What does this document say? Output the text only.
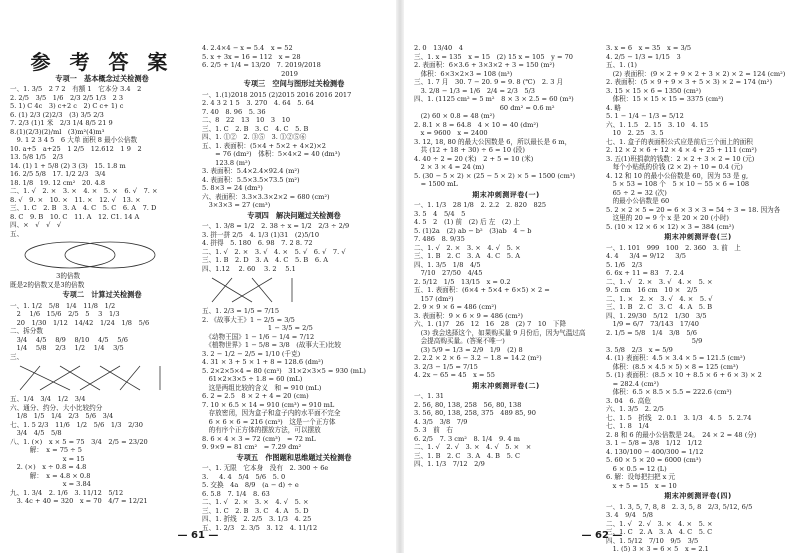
参 考 答 案
专项一　基本概念过关检测卷
一、1. 3/5　2 7 2　有额 1　它本分 3.4　2
2. 2/5　3/5　1/6　2/3 2/5 1/3　2 3
5. 1) C 4c　3) c+2 c　2) C c+ 1) c
6. (1) 2/3 (2)2/3　(3) 3/5 2/3
7. 2/3 (1)1 米　2/3 1/4 8/5 21 9
8.(1)(2/3)(2)/ml　(3)m²(4)m³
　9. 1 2 3 4 5　6 大单 面积 8 最小公倍数
10. a+5　a+25　1 2/5　12.612　1 9　2
13. 5/8 1/5　2/3
14. (1) 1 + 5/8 (2) 3 (3)　15. 1.8 m
16. 2/5 5/8　17. 1/2 2/3　3/4
18. 1/8　19. 12 cm²　20. 4.8
二、1. √　2. ×　3. ×　4. ×　5. ×　6. √　7. ×
8. √　9. ×　10. ×　11. ×　12. √　13. ×
三、1. C　2. B　3. A　4. C　5. C　6. A　7. D
8. C　9. B　10. C　11. A　12. C1. 14 A
四、×　√　√　√
五、
　　　　　　　3的倍数
既是2的倍数又是3的倍数
专项二　计算过关检测卷
一、1. 1/2　5/8　1/4　11/8　1/2
　2 　1/6　15/6　2/5　5 　3　1/3
　20　1/30　1/12　14/42　1/24　1/8　5/6
二、拆分数
　3/4 　4/5 　8/9 　8/10 　4/5 　5/6
　1/4 　5/8 　2/3 　1/2 　1/4 　3/5
三、
五、1/4　3/4　1/2　3/4
六、通分、约分、大小比较约分
　1/8　1/5　1/4　2/3　5/6　3/4
七、1. 5 2/3　11/6　1/2　5/6　1/3　2/30
　3/4　4/5　5/8
八、1. (×)　x × 5 = 75　3/4　2/5 = 23/20
　　　解：　x = 75 ÷ 5
　　　　　　　　x = 15
　2. (×)　x ÷ 0.8 = 4.8
　　　解：　x = 4.8 × 0.8
　　　　　　　　x = 3.84
九、1. 3/4　2. 1/6　3. 11/12　5/12
　3. 4c + 40 = 320　x = 70　4/7 = 12/21
4. 2.4×4 − x = 5.4　x = 52
5. x + 3x = 16 = 112　x = 28
6. 2/5 + 1/4 = 13/20　7. 2019/2018
　　　　　　　　　　　　2019
专项三　空间与图形过关检测卷
一、1.(1)2018 2015 (2)2015 2016 2016 2017
2. 4 3 2 1 5　3. 270　4. 64　5. 64
7. 40　8. 96　5. 36
二、8　22　13　10　3　10
三、1. C　2. B　3. C　4. C　5. B
四、1. ①②　2. ③⑤　3. ①②⑤⑥
五、1. 表面积：(5×4 + 5×2 + 4×2)×2
　　= 76 (dm²)　体积：5×4×2 = 40 (dm³)
　　123.8 (m²)
3. 表面积：5.4×2.4×92.4 (m²)
4. 表面积：5.5×3.5×73.5 (m²)
5. 8×3 = 24 (dm³)
六、表面积：3.3×3.3×2×2 = 680 (cm²)
　3×3×3 = 27 (cm³)
专项四　解决问题过关检测卷
一、1. 3/8 = 1/2　2. 38 ÷ x = 1/2　2/3 ÷ 2/9
3. 拼一拼 2/5　4. 1/3 (1)31　(2)5/10
4. 拼得　5. 180　6. 98　7. 2 8. 72
二、1. √　2. ×　3. √　4. ×　5. √　6. √　7. √
三、1. B　2. D　3. A　4. C　5. B　6. A
四、1.12 　2. 60 　3. 2 　5.1
五、1. 2/3 = 1/5 = 7/15
2. 《故事大王》1 − 2/5 = 3/5
　　　　　　　　　　1 − 3/5 = 2/5
　《动物王国》1 − 1/6 − 1/4 = 7/12
　《植物世界》1 − 5/8 = 3/8　(故事大王)比较
3. 2 − 1/2 − 2/5 = 1/10 (千克)
4. 31 × 3 + 5 × 1 + 8 = 128.6 (dm²)
5. 2×2×5×4 = 80 (cm³)　31×2×3×5 = 930 (mL)
　61×2×3×5 ÷ 1.8 = 60 (mL)
　这是两组比较的含义　和 = 910 (mL)
6. 2 = 2.5　8 × 2 + 4 = 20 (cm)
7. 10 × 6.5 × 14 = 910 (cm³) = 910 mL
　存放密闭，因为盒子和盒子内的水平面不完全
　6 × 6 × 6 = 216 (cm³)　这是一个正方体
　的有序个正方体的摆放方法，可以摆放
8. 6 × 4 × 3 = 72 (cm³)　= 72 mL
9. 9×9 = 81 cm²　= 7.29 dm²
专项五　作图题和思维题过关检测卷
一、1. 无限　它本身　没有　2. 300 ÷ 6e
3. 　 4. 4　5/4　5/6　5. 0
5. 交换　4a　8/9　(a − d) ÷ e
6. 5.8　7. 1/4　8. 63
二、1. √　2. ×　3. ×　4. √　5. ×
三、1. C　2. B　3. C　4. A　5. D
四、1. 折线　2. 2/5　3. 1/3　4. 25
五、1. 2/3　2. 3/5　3. 12　4. 11/12
— 61 —
2. 0　13/40　4
三、1. x = 135　x = 15　(2) 15 x = 105　y = 70
2. 表面积：6×3.6 + 3×3×2 + 3 = 150 (m²)
　体积：6×3×2×3 = 108 (m³)
三、1. 7 月　30. 7 − 20. 9 = 9. 8 (℃)　2. 3 月
　3. 2/8 − 1/3 = 1/6　2/4 = 2/3　5/3
四、1. (1125 cm² = 5 m²　8 × 3 × 2.5 = 60 (m³)
　　　　　　　　　　　　　60 dm² = 0.6 m²
　(2) 60 × 0.8 = 48 (m²)
2. 8.1 × 8 = 64.8　4 × 10 = 40 (dm²)
　x = 9600　x = 2400
3. 12, 18, 80 的最大公因数是 6，所以最长是 6 m，
　共 (12 + 18 + 30) ÷ 6 = 10 (段)
4. 40 ÷ 2 = 20 (米)　2 + 5 = 10 (米)
　2 × 3 × 4 = 24 (m)
5. (30 − 5 × 2) × (25 − 5 × 2) × 5 = 1500 (cm³)
　= 1500 mL
期末冲刺测评卷(一)
一、1. 1/3　28 1/8　2. 2.2　2. 820　825
3. 5　4　5/4　5
4. 5　2　(1) 前　(2) 后 左　(2) 上
5. (1)2a　(2) ab − b²　(3)ab　4 − b
7. 486　8. 9/35
二、1. √　2. ×　3. ×　4. √　5. ×
三、1. B　2. C　3. A　4. C　5. A
四、1. 3/5　1/8　4/5
　7/10　27/50　4/45
2. 5/12　1/5　13/15　x = 0.2
五、1. 表面积：(6×4 + 5×4 + 6×5) × 2 =
　157 (dm²)
2. 9 × 9 × 6 = 486 (cm²)
3. 表面积：9 × 6 × 9 = 486 (cm²)
六、1. (1)7　26　12　16　28　(2) 7　10　下降
　(3) 我会选择这个，如果购买量 9 月份后，因为气温过高
　会提高购买量。(答案不唯一)
　(3) 5/9 = 1/3 = 2/9　1/9　(2) 8　
2. 2.2 × 2 × 6 − 3.2 − 1.8 = 14.2 (m²)
3. 2/3 − 1/5 = 7/15
4. 2x − 65 = 45　x = 55
期末冲刺测评卷(二)
一、1. 31
2. 56, 80, 138, 258　56, 80, 138
3. 56, 80, 138, 258, 375　489 85, 90
4. 3/5　3/8　7/9
5. 3　前　右
6. 2/5　7. 3 cm²　8. 1/4　9. 4 m
二、1. √　2. √　3. ×　4. √　5. ×　×
三、1. B　2. C　3. A　4. B　5. C
四、1. 1/3　7/12　2/9
3. x = 6　x = 35　x = 3/5
4. 2/5 − 1/3 = 1/15　3
五、1. (1)
　(2) 表面积：(9 × 2 + 9 × 2 + 3 × 2) × 2 = 124 (cm²)
2. 表面积：(5 × 9 + 9 × 3 + 5 × 3) × 2 = 174 (m²)
3. 15 × 15 × 6 = 1350 (cm²)
　体积：15 × 15 × 15 = 3375 (cm³)
4. 略
5. 1 − 1/4 − 1/3 = 5/12
六、1. 1.5　2. 15　3. 10　4. 15
　10　2. 25　3. 5
七、1. 盒子的表面积公式应是前后三个面上的面积
2. 12 × 2 × 6 + 12 × 4 × 4 + 25 + 111 (cm²)
3. 五(1)班捐款的钱数：2 × 2 + 3 × 2 = 10 (元)
　每个小贴纸的价钱 (2 × 2) ÷ 10 = 0.4 (元)
4. 12 和 10 的最小公倍数是 60，因为 53 是 g,
　5 × 53 = 108 个　5 × 10 − 55 × 6 = 108
　65 ÷ 2 = 32 (次)
　的最小公倍数是 60
5. 2 × 2 × 5 = 20 = 6 × 3 × 3 = 54 ÷ 3 = 18. 因为各
　这里的 20 = 9 个 x 是 20 × 20 (小时)
5. (10 × 12 × 6 × 12) × 3 = 384 (cm²)
期末冲刺测评卷(三)
一、1. 101　999　100　2. 360　3. 前　上
4. 4 　 3/4 = 9/12 　 3/5
5. 1/6　2/3
6. 6x + 11 = 83　7. 2.4
二、1. √　2. ×　3. √　4. ×　5. ×
9. 5 cm　16 cm　10 ×　2/5
二、1. ×　2. ×　3. √　4. ×　5. √
三、1. B　2. C　3. C　4. A　5. B
四、1. 29/30　5/12　1/30　3/5
　1/9 = 6/7　73/143　17/40
2. 1/5 = 5/8　1/4　3/8　5/6
　　　　　　　　　　　　　5/9
3. 5/8　2/3　x = 5/9
4. (1) 表面积：4.5 × 3.4 × 5 = 121.5 (cm²)
　体积：(8.5 × 4.5 × 5) × 8 = 125 (cm³)
5. (1) 表面积：(8.5 × 10 + 8.5 × 6 + 6 × 3) × 2
　= 282.4 (cm²)
　体积：6.5 × 8.5 × 5.5 = 222.6 (cm³)
3. 04　6. 高危
六、1. 3/5　2. 2/5
七、1. 5　折线　2. 0.1　3. 1/3　4. 5　5. 2.74
七、1. 8　1/4
2. 8 和 6 的最小公倍数是 24。　24 × 2 = 48 (分)
3. 1 − 5/8 = 3/8　1/12　1/12
4. 130/100 − 400/300 = 1/12
5. 60 × 5 × 20 = 6000 (cm³)
　6 × 0.5 = 12 (L)
6. 解：设每把扫把 x 元
　x + 5 = 15　x = 10
期末冲刺测评卷(四)
一、1. 3, 5, 7, 8, 8　2. 3, 5, 8　2/3, 5/12, 6/5
3. 4　9/4　5/8
二、1. √　2. √　3. ×　4. ×　5. ×
三、1. C　2. A　3. A　4. C　5. C
四、1. 5/12　7/10　9/5　3/5
　1. (5) 3 × 3 = 6 × 5　x = 2.1
— 62 —
